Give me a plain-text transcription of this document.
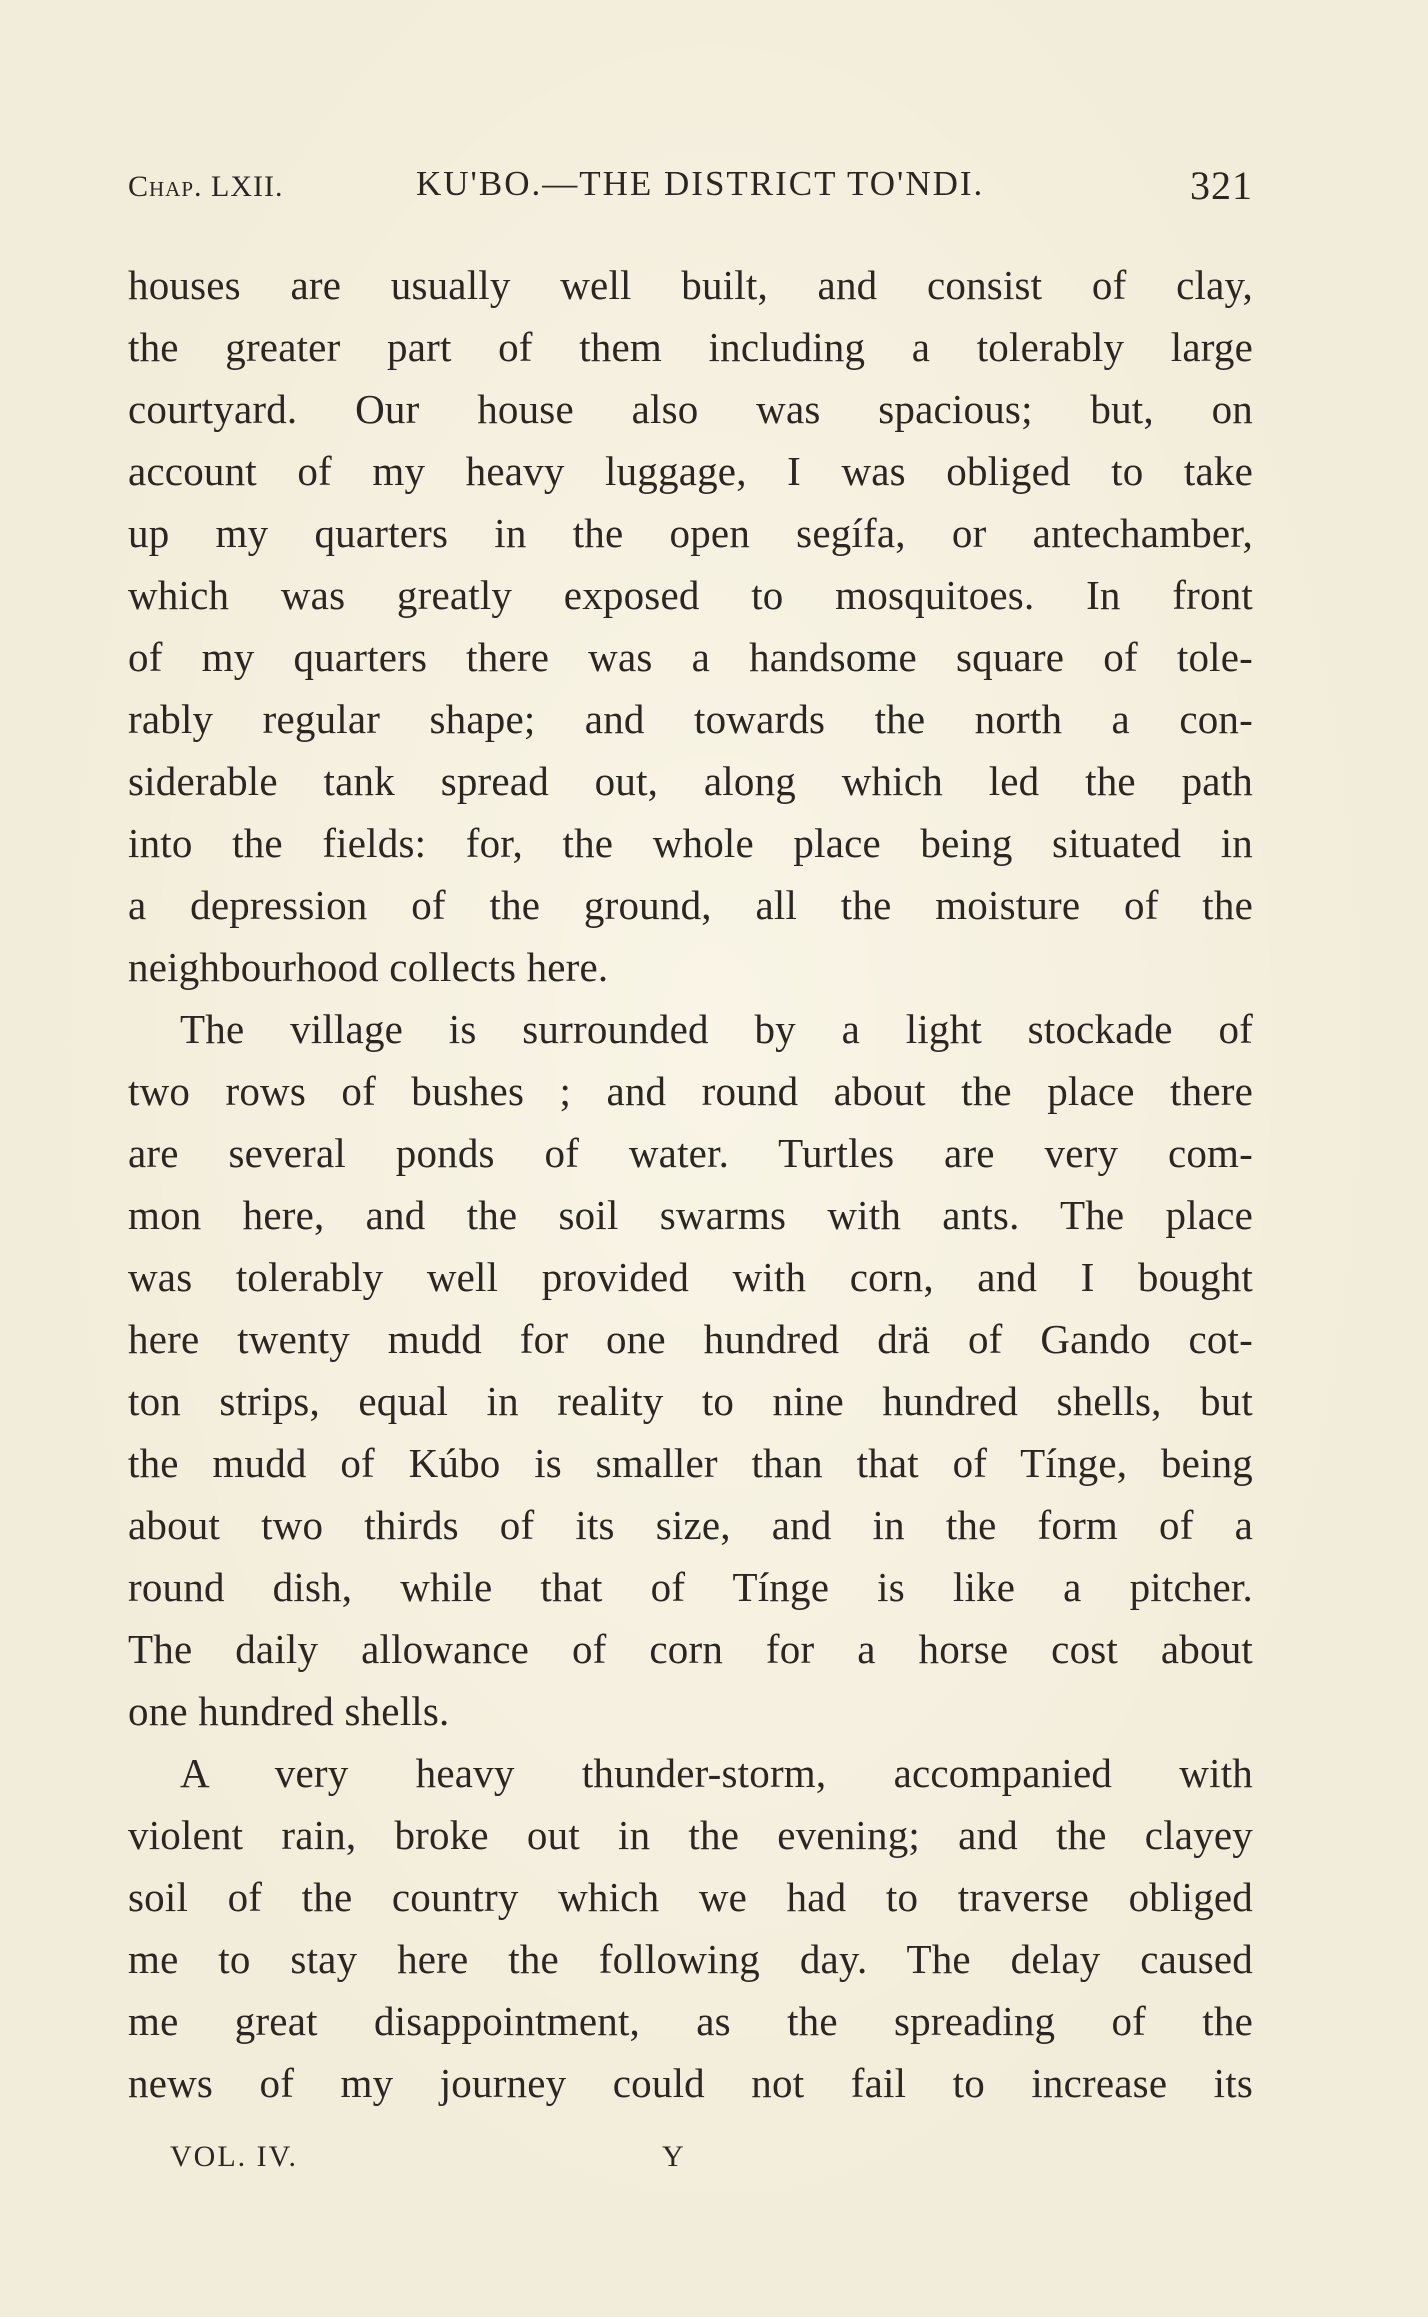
Chap. LXII.	KU'BO.—THE DISTRICT TO'NDI.	321
houses are usually well built, and consist of clay,
the greater part of them including a tolerably large
courtyard. Our house also was spacious; but, on
account of my heavy luggage, I was obliged to take
up my quarters in the open segífa, or antechamber,
which was greatly exposed to mosquitoes. In front
of my quarters there was a handsome square of tole-
rably regular shape; and towards the north a con-
siderable tank spread out, along which led the path
into the fields: for, the whole place being situated in
a depression of the ground, all the moisture of the
neighbourhood collects here.
The village is surrounded by a light stockade of
two rows of bushes ; and round about the place there
are several ponds of water. Turtles are very com-
mon here, and the soil swarms with ants. The place
was tolerably well provided with corn, and I bought
here twenty mudd for one hundred drä of Gando cot-
ton strips, equal in reality to nine hundred shells, but
the mudd of Kúbo is smaller than that of Tínge, being
about two thirds of its size, and in the form of a
round dish, while that of Tínge is like a pitcher.
The daily allowance of corn for a horse cost about
one hundred shells.
A very heavy thunder-storm, accompanied with
violent rain, broke out in the evening; and the clayey
soil of the country which we had to traverse obliged
me to stay here the following day. The delay caused
me great disappointment, as the spreading of the
news of my journey could not fail to increase its
VOL. IV.	Y
